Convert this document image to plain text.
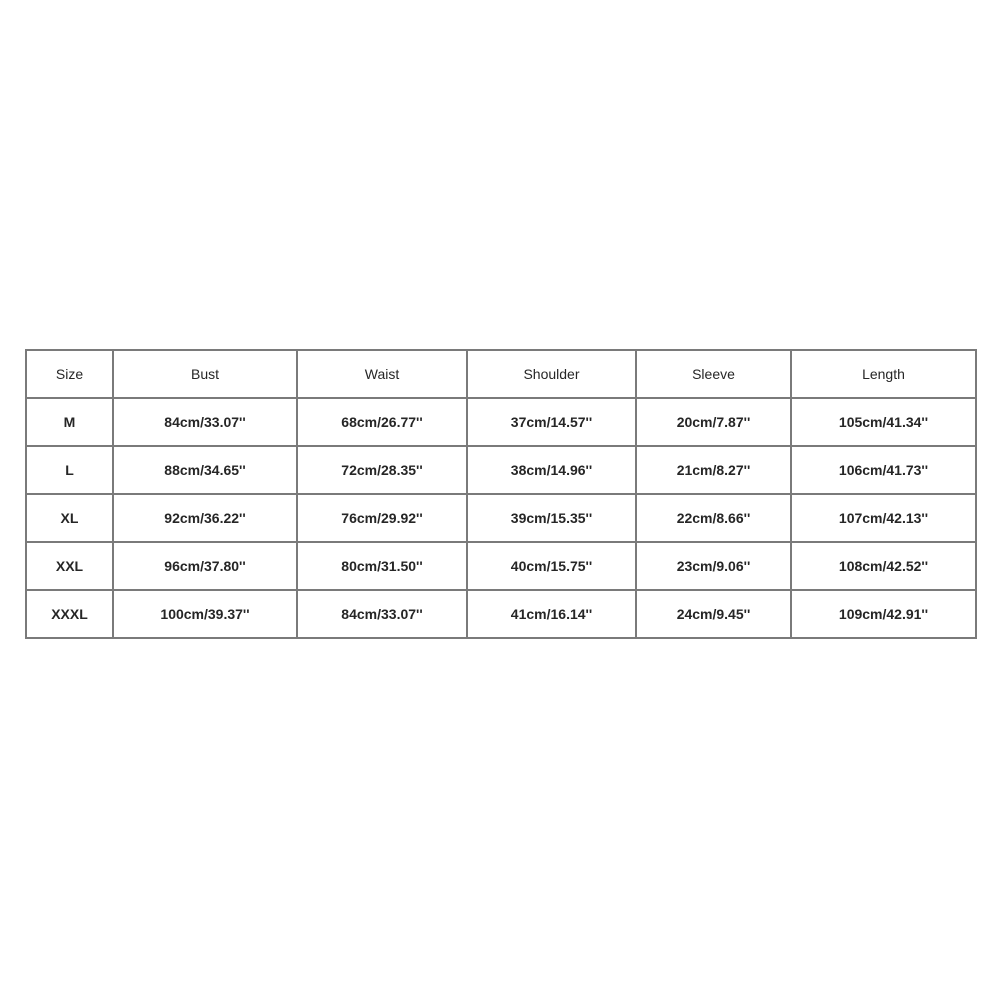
Size	Bust	Waist	Shoulder	Sleeve	Length
M	84cm/33.07''	68cm/26.77''	37cm/14.57''	20cm/7.87''	105cm/41.34''
L	88cm/34.65''	72cm/28.35''	38cm/14.96''	21cm/8.27''	106cm/41.73''
XL	92cm/36.22''	76cm/29.92''	39cm/15.35''	22cm/8.66''	107cm/42.13''
XXL	96cm/37.80''	80cm/31.50''	40cm/15.75''	23cm/9.06''	108cm/42.52''
XXXL	100cm/39.37''	84cm/33.07''	41cm/16.14''	24cm/9.45''	109cm/42.91''
